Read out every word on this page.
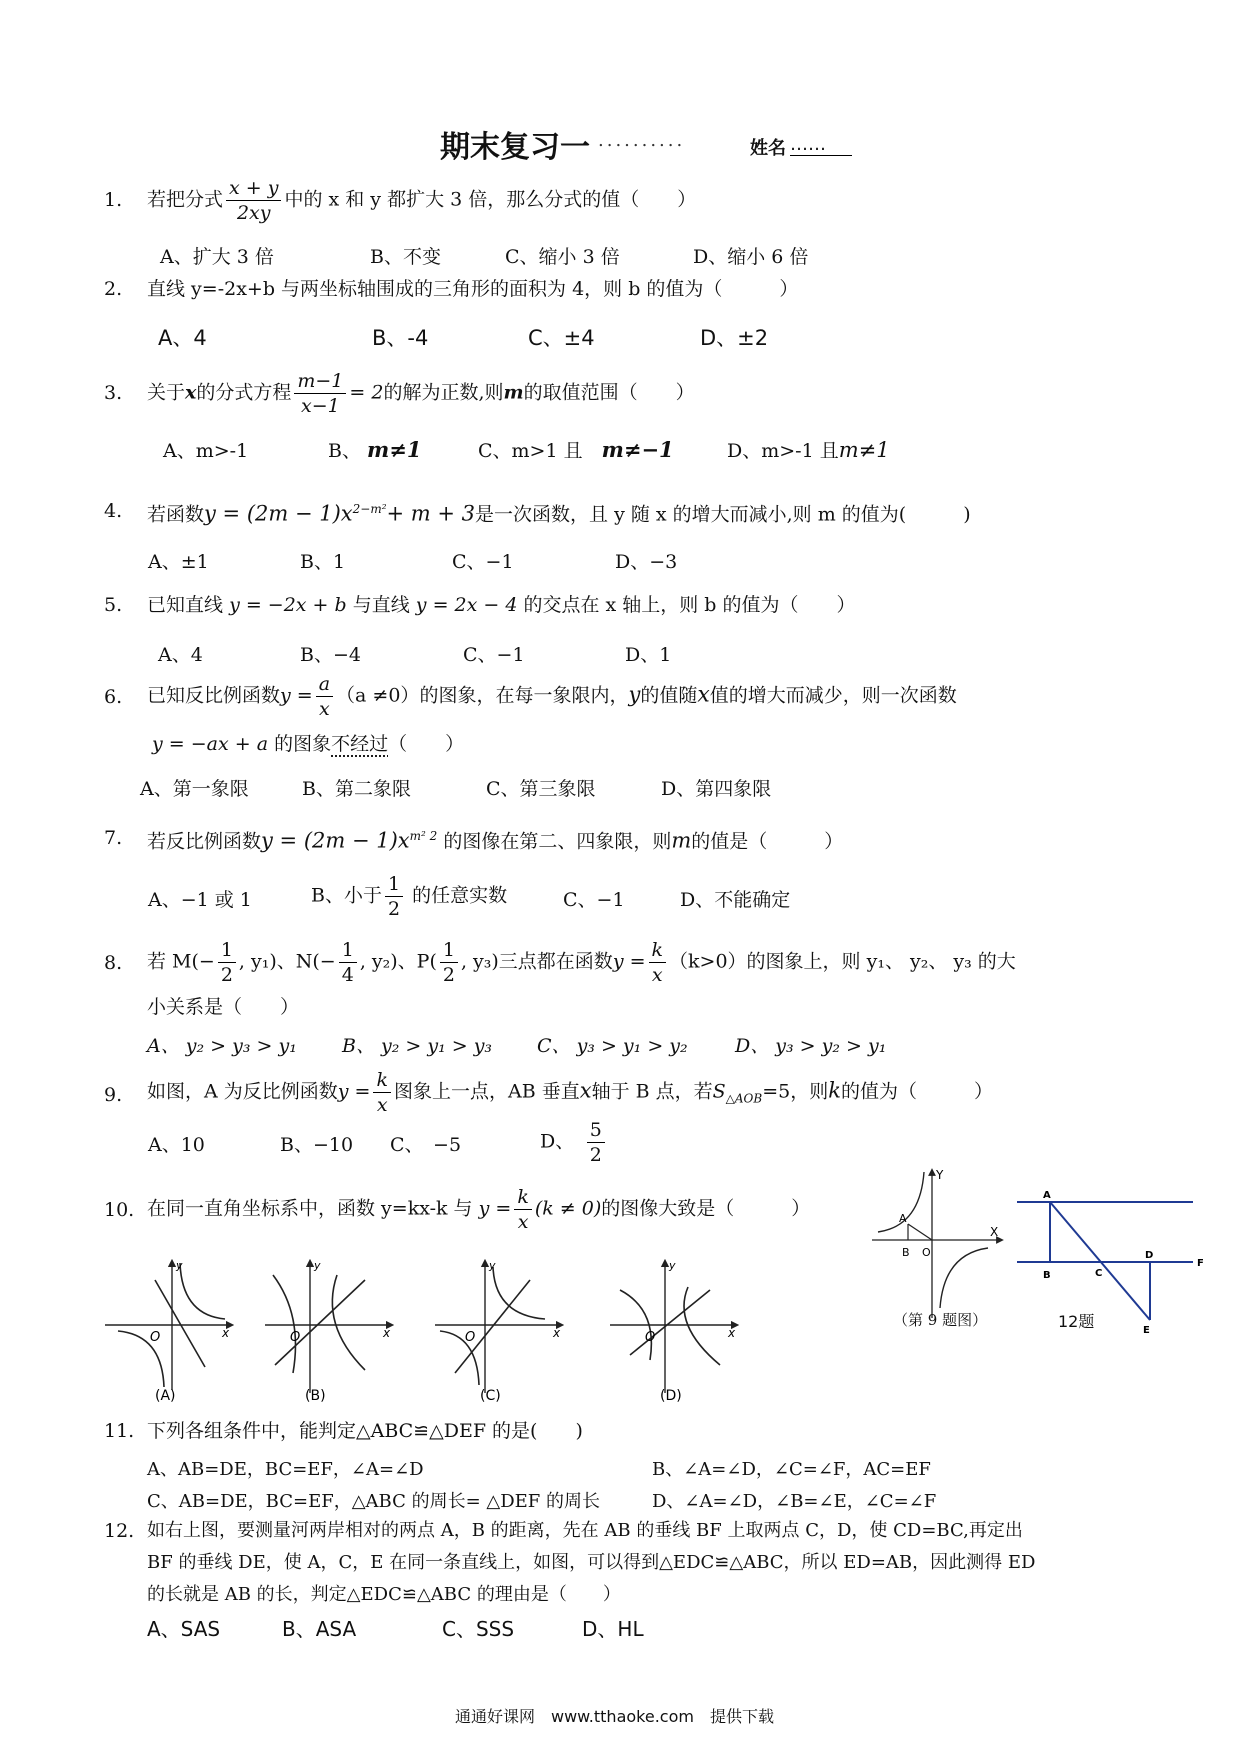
期末复习一 ..........	姓名 ……
1. 若把分式 $\frac{x + y}{2xy}$ 中的 x 和 y 都扩大 3 倍，那么分式的值（　　）
A、扩大 3 倍	B、不变	C、缩小 3 倍	D、缩小 6 倍
2. 直线 y=-2x+b 与两坐标轴围成的三角形的面积为 4，则 b 的值为（　　　）
A、4	B、-4	C、±4	D、±2
3. 关于x的分式方程 $\frac{m-1}{x-1} = 2$的解为正数,则m的取值范围（　　）
A、m>-1	B、 m≠1	C、m>1 且　 m≠−1	D、m>-1 且m≠1
4. 若函数$y = (2m - 1)x^{2-m^2}+ m + 3$是一次函数，且 y 随 x 的增大而减小,则 m 的值为(　　　)
A、±1	B、1	C、−1	D、−3
5. 已知直线 y = −2x + b 与直线 y = 2x − 4 的交点在 x 轴上，则 b 的值为（　　）
A、4	B、−4	C、−1	D、1
6. 已知反比例函数$y = \frac{a}{x} (a \ne 0)$的图象，在每一象限内，y的值随x值的增大而减少，则一次函数
y = −ax + a 的图象不经过（　　）
A、第一象限	B、第二象限	C、第三象限	D、第四象限
7. 若反比例函数$y = (2m - 1)x^{m^2 2}$ 的图像在第二、四象限，则m的值是（　　　）
A、−1 或 1	B、小于 $\frac{1}{2}$ 的任意实数	C、−1	D、不能确定
8. 若 $M(- \frac{1}{2}$ , y₁)、$N(- \frac{1}{4}$ , y₂)、$P( \frac{1}{2}$ , y₃)三点都在函数$y = \frac{k}{x} (k>0)$的图象上，则 y₁、 y₂、 y₃ 的大
小关系是（　　）
A、 y₂ > y₃ > y₁ B、 y₂ > y₁ > y₃ C、 y₃ > y₁ > y₂ D、 y₃ > y₂ > y₁
9. 如图，A 为反比例函数$y = \frac{k}{x}$ 图象上一点，AB 垂直x轴于 B 点，若$S_{\triangle AOB}=5$，则k的值为（　　　）
A、10	B、−10 C、　−5	D、　 $\frac{5}{2}$
10. 在同一直角坐标系中，函数 y=kx-k 与 $y = \frac{k}{x} (k \ne 0)$的图像大致是（　　　）
y
x
O
(A)
y
x
O
(B)
y
x
O
(C)
y
x
O
(D)
Y
X
A
B O
（第 9 题图）
A
B	C
D
E
F
12题
11. 下列各组条件中，能判定△ABC≌△DEF 的是(　　)
A、AB=DE，BC=EF，∠A=∠D	B、∠A=∠D，∠C=∠F，AC=EF
C、AB=DE，BC=EF，△ABC 的周长= △DEF 的周长	D、∠A=∠D，∠B=∠E，∠C=∠F
12. 如右上图，要测量河两岸相对的两点 A，B 的距离，先在 AB 的垂线 BF 上取两点 C，D，使 CD=BC,再定出
BF 的垂线 DE，使 A，C，E 在同一条直线上，如图，可以得到△EDC≌△ABC，所以 ED=AB，因此测得 ED
的长就是 AB 的长，判定△EDC≌△ABC 的理由是（　　）
A、SAS	B、ASA	C、SSS	D、HL
通通好课网　www.tthaoke.com　提供下载
